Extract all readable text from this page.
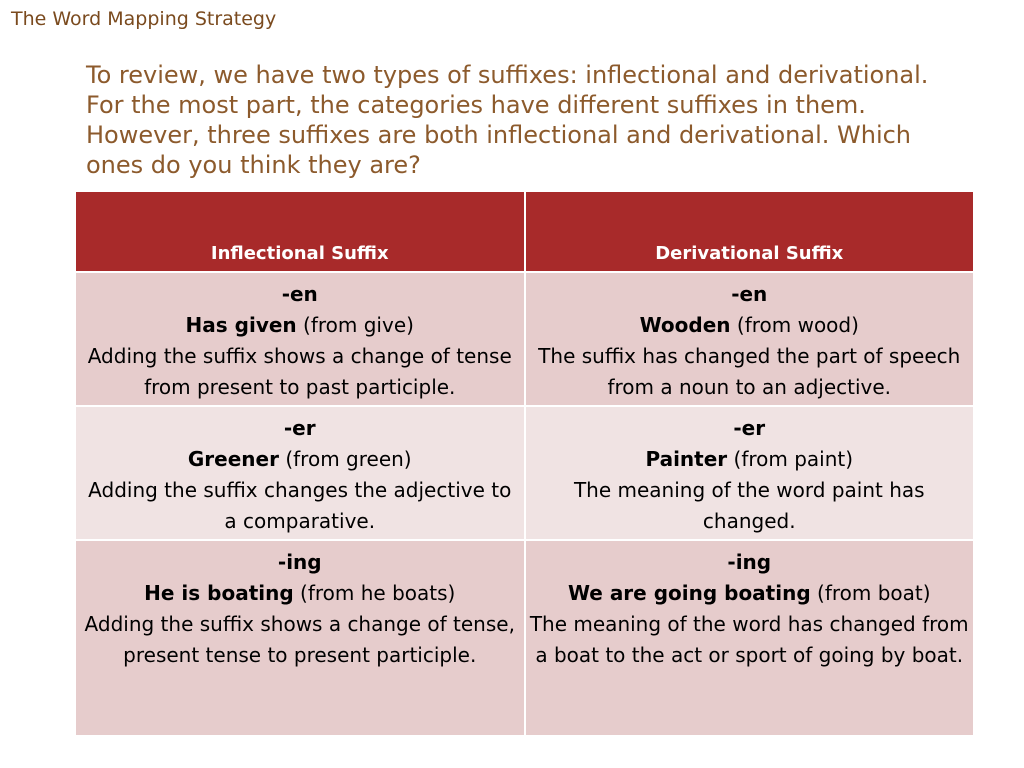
The Word Mapping Strategy
To review, we have two types of suffixes: inflectional and derivational. For the most part, the categories have different suffixes in them. However, three suffixes are both inflectional and derivational. Which ones do you think they are?
Inflectional Suffix	Derivational Suffix

-en
Has given (from give)
Adding the suffix shows a change of tense from present to past participle.	-en
Wooden (from wood)
The suffix has changed the part of speech from a noun to an adjective.

-er
Greener (from green)
Adding the suffix changes the adjective to a comparative.	-er
Painter (from paint)
The meaning of the word paint has changed.

-ing
He is boating (from he boats)
Adding the suffix shows a change of tense, present tense to present participle.	-ing
We are going boating (from boat)
The meaning of the word has changed from a boat to the act or sport of going by boat.
